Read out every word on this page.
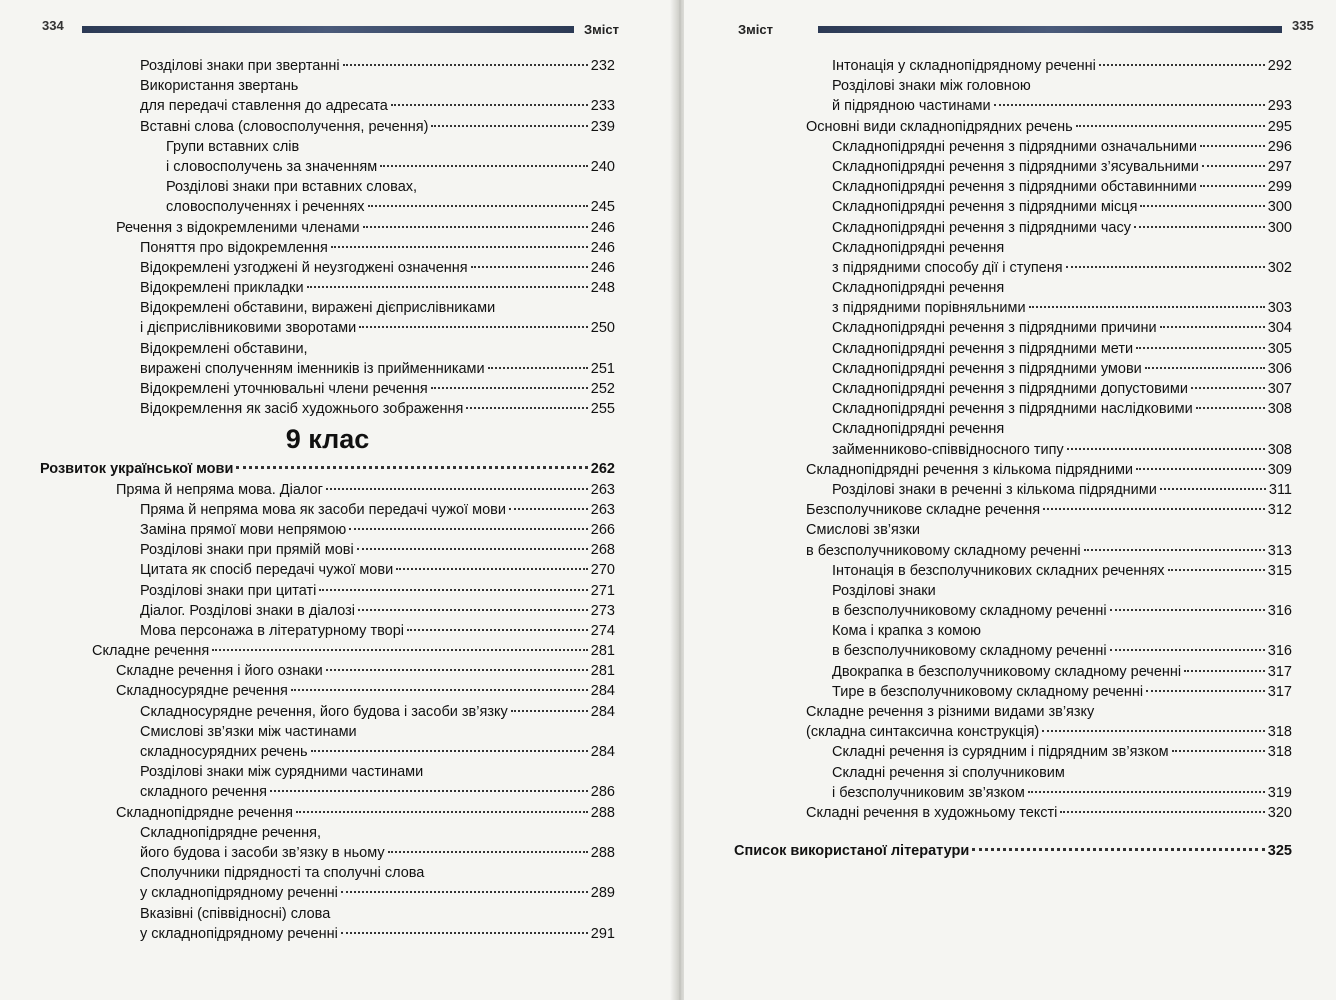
334	Зміст
Розділові знаки при звертанні	232
Використання звертань
для передачі ставлення до адресата	233
Вставні слова (словосполучення, речення)	239
Групи вставних слів
і словосполучень за значенням	240
Розділові знаки при вставних словах,
словосполученнях і реченнях	245
Речення з відокремленими членами	246
Поняття про відокремлення	246
Відокремлені узгоджені й неузгоджені означення	246
Відокремлені прикладки	248
Відокремлені обставини, виражені дієприслівниками
і дієприслівниковими зворотами	250
Відокремлені обставини,
виражені сполученням іменників із прийменниками	251
Відокремлені уточнювальні члени речення	252
Відокремлення як засіб художнього зображення	255
9 клас
Розвиток української мови	262
Пряма й непряма мова. Діалог	263
Пряма й непряма мова як засоби передачі чужої мови	263
Заміна прямої мови непрямою	266
Розділові знаки при прямій мові	268
Цитата як спосіб передачі чужої мови	270
Розділові знаки при цитаті	271
Діалог. Розділові знаки в діалозі	273
Мова персонажа в літературному творі	274
Складне речення	281
Складне речення і його ознаки	281
Складносурядне речення	284
Складносурядне речення, його будова і засоби зв’язку	284
Смислові зв’язки між частинами
складносурядних речень	284
Розділові знаки між сурядними частинами
складного речення	286
Складнопідрядне речення	288
Складнопідрядне речення,
його будова і засоби зв’язку в ньому	288
Сполучники підрядності та сполучні слова
у складнопідрядному реченні	289
Вказівні (співвідносні) слова
у складнопідрядному реченні	291
Зміст	335
Інтонація у складнопідрядному реченні	292
Розділові знаки між головною
й підрядною частинами	293
Основні види складнопідрядних речень	295
Складнопідрядні речення з підрядними означальними	296
Складнопідрядні речення з підрядними з’ясувальними	297
Складнопідрядні речення з підрядними обставинними	299
Складнопідрядні речення з підрядними місця	300
Складнопідрядні речення з підрядними часу	300
Складнопідрядні речення
з підрядними способу дії і ступеня	302
Складнопідрядні речення
з підрядними порівняльними	303
Складнопідрядні речення з підрядними причини	304
Складнопідрядні речення з підрядними мети	305
Складнопідрядні речення з підрядними умови	306
Складнопідрядні речення з підрядними допустовими	307
Складнопідрядні речення з підрядними наслідковими	308
Складнопідрядні речення
займенниково-співвідносного типу	308
Складнопідрядні речення з кількома підрядними	309
Розділові знаки в реченні з кількома підрядними	311
Безсполучникове складне речення	312
Смислові зв’язки
в безсполучниковому складному реченні	313
Інтонація в безсполучникових складних реченнях	315
Розділові знаки
в безсполучниковому складному реченні	316
Кома і крапка з комою
в безсполучниковому складному реченні	316
Двокрапка в безсполучниковому складному реченні	317
Тире в безсполучниковому складному реченні	317
Складне речення з різними видами зв’язку
(складна синтаксична конструкція)	318
Складні речення із сурядним і підрядним зв’язком	318
Складні речення зі сполучниковим
і безсполучниковим зв’язком	319
Складні речення в художньому тексті	320
Список використаної літератури	325
